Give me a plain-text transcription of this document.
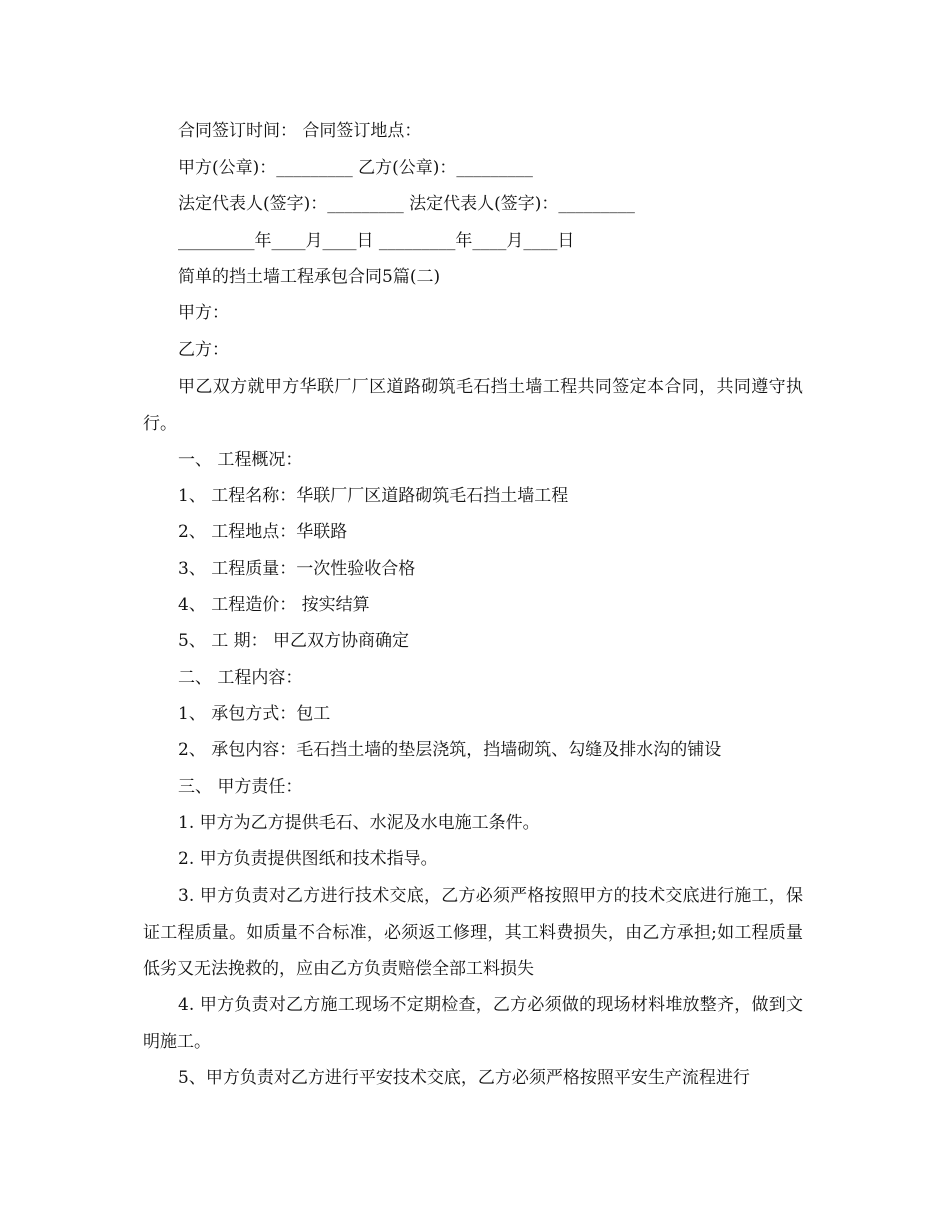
合同签订时间： 合同签订地点：
甲方(公章)：_________ 乙方(公章)：_________
法定代表人(签字)：_________ 法定代表人(签字)：_________
_________年____月____日 _________年____月____日
简单的挡土墙工程承包合同5篇(二)
甲方：
乙方：
甲乙双方就甲方华联厂厂区道路砌筑毛石挡土墙工程共同签定本合同，共同遵守执行。
一、 工程概况：
1、 工程名称：华联厂厂区道路砌筑毛石挡土墙工程
2、 工程地点：华联路
3、 工程质量：一次性验收合格
4、 工程造价： 按实结算
5、 工 期： 甲乙双方协商确定
二、 工程内容：
1、 承包方式：包工
2、 承包内容：毛石挡土墙的垫层浇筑，挡墙砌筑、勾缝及排水沟的铺设
三、 甲方责任：
1. 甲方为乙方提供毛石、水泥及水电施工条件。
2. 甲方负责提供图纸和技术指导。
3. 甲方负责对乙方进行技术交底，乙方必须严格按照甲方的技术交底进行施工，保证工程质量。如质量不合标准，必须返工修理，其工料费损失，由乙方承担;如工程质量低劣又无法挽救的，应由乙方负责赔偿全部工料损失
4. 甲方负责对乙方施工现场不定期检查，乙方必须做的现场材料堆放整齐，做到文明施工。
5、甲方负责对乙方进行平安技术交底，乙方必须严格按照平安生产流程进行
